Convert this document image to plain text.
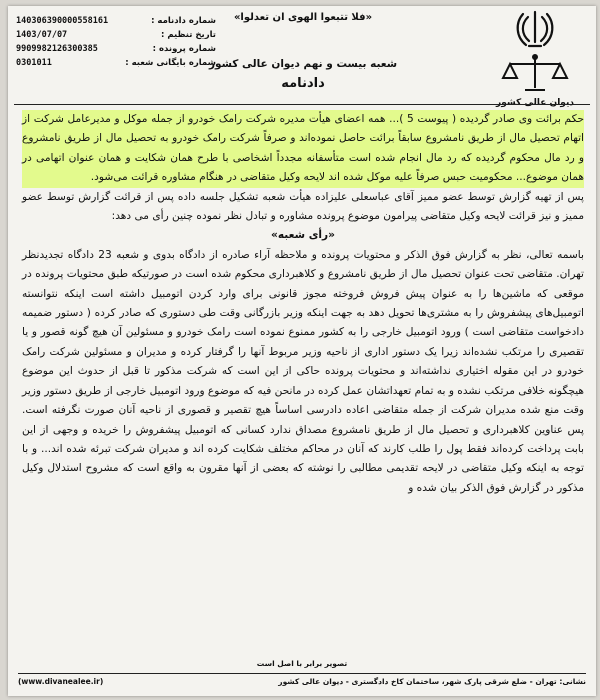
دیوان عالی کشور
«فلا تتبعوا الهوی ان تعدلوا»
شعبه بیست و نهم دیوان عالی کشور
دادنامه
شماره دادنامه :
140306390000558161
تاریخ تنظیم :
1403/07/07
شماره پرونده :
9909982126300385
شماره بایگانی شعبه :
0301011

حکم برائت وی صادر گردیده ( پیوست 5 )... همه اعضای هیأت مدیره شرکت رامک خودرو از جمله موکل و مدیرعامل شرکت از اتهام تحصیل مال از طریق نامشروع سابقاً برائت حاصل نموده‌اند و صرفاً شرکت رامک خودرو به تحصیل مال از طریق نامشروع و رد مال محکوم گردیده که رد مال انجام شده است متأسفانه مجدداً اشخاصی با طرح همان شکایت و همان عنوان اتهامی در همان موضوع... محکومیت حبس صرفاً علیه موکل شده اند لایحه وکیل متقاضی در هنگام مشاوره قرائت می‌شود.

پس از تهیه گزارش توسط عضو ممیز آقای عباسعلی علیزاده هیأت شعبه تشکیل جلسه داده پس از قرائت گزارش توسط عضو ممیز و نیز قرائت لایحه وکیل متقاضی پیرامون موضوع پرونده مشاوره و تبادل نظر نموده چنین رأی می دهد:

«رأی شعبه»

باسمه تعالی، نظر به گزارش فوق الذکر و محتویات پرونده و ملاحظه آراء صادره از دادگاه بدوی و شعبه 23 دادگاه تجدیدنظر تهران. متقاضی تحت عنوان تحصیل مال از طریق نامشروع و کلاهبرداری محکوم شده است در صورتیکه طبق محتویات پرونده در موقعی که ماشین‌ها را به عنوان پیش فروش فروخته مجوز قانونی برای وارد کردن اتومبیل داشته است اینکه نتوانسته اتومبیل‌های پیشفروش را به مشتری‌ها تحویل دهد به جهت اینکه وزیر بازرگانی وقت طی دستوری که صادر کرده ( دستور ضمیمه دادخواست متقاضی است ) ورود اتومبیل خارجی را به کشور ممنوع نموده است رامک خودرو و مسئولین آن هیچ گونه قصور و یا تقصیری را مرتکب نشده‌اند زیرا یک دستور اداری از ناحیه وزیر مربوط آنها را گرفتار کرده و مدیران و مسئولین شرکت رامک خودرو در این مقوله اختیاری نداشته‌اند و محتویات پرونده حاکی از این است که شرکت مذکور تا قبل از حدوث این موضوع هیچگونه خلافی مرتکب نشده و به تمام تعهداتشان عمل کرده در مانحن فیه که موضوع ورود اتومبیل خارجی از طریق دستور وزیر وقت منع شده مدیران شرکت از جمله متقاضی اعاده دادرسی اساساً هیچ تقصیر و قصوری از ناحیه آنان صورت نگرفته است. پس عناوین کلاهبرداری و تحصیل مال از طریق نامشروع مصداق ندارد کسانی که اتومبیل پیشفروش را خریده و وجهی از این بابت پرداخت کرده‌اند فقط پول را طلب کارند که آنان در محاکم مختلف شکایت کرده اند و مدیران شرکت تبرئه شده اند... و با توجه به اینکه وکیل متقاضی در لایحه تقدیمی مطالبی را نوشته که بعضی از آنها مقرون به واقع است که مشروح استدلال وکیل مذکور در گزارش فوق الذکر بیان شده و

تصویر برابر با اصل است
نشانی: تهران - ضلع شرقی پارک شهر، ساختمان کاخ دادگستری - دیوان عالی کشور
(www.divanealee.ir)
